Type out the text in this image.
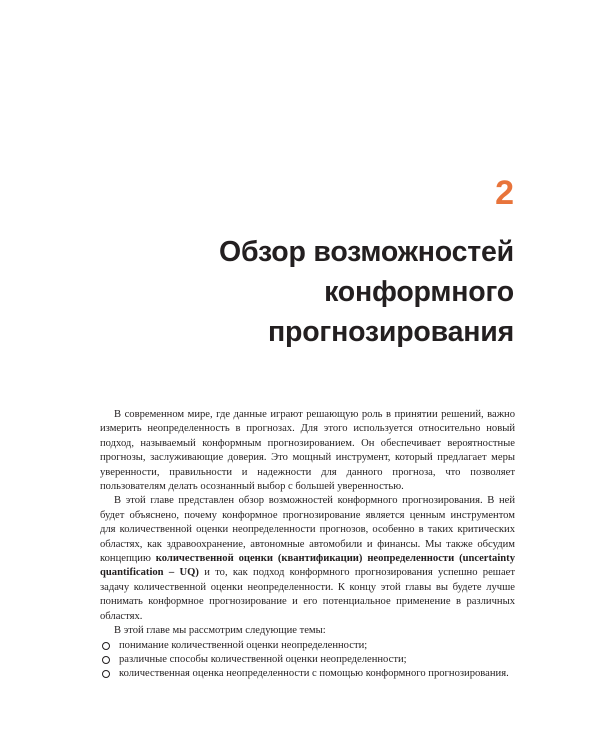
2
Обзор возможностей
конформного
прогнозирования

В современном мире, где данные играют решающую роль в принятии решений, важно измерить неопределенность в прогнозах. Для этого используется относительно новый подход, называемый конформным прогнозированием. Он обеспечивает вероятностные прогнозы, заслуживающие доверия. Это мощный инструмент, который предлагает меры уверенности, правильности и надежности для данного прогноза, что позволяет пользователям делать осознанный выбор с большей уверенностью.

В этой главе представлен обзор возможностей конформного прогнозирования. В ней будет объяснено, почему конформное прогнозирование является ценным инструментом для количественной оценки неопределенности прогнозов, особенно в таких критических областях, как здравоохранение, автономные автомобили и финансы. Мы также обсудим концепцию количественной оценки (квантификации) неопределенности (uncertainty quantification – UQ) и то, как подход конформного прогнозирования успешно решает задачу количественной оценки неопределенности. К концу этой главы вы будете лучше понимать конформное прогнозирование и его потенциальное применение в различных областях.

В этой главе мы рассмотрим следующие темы:

понимание количественной оценки неопределенности;
различные способы количественной оценки неопределенности;
количественная оценка неопределенности с помощью конформного прогнозирования.
